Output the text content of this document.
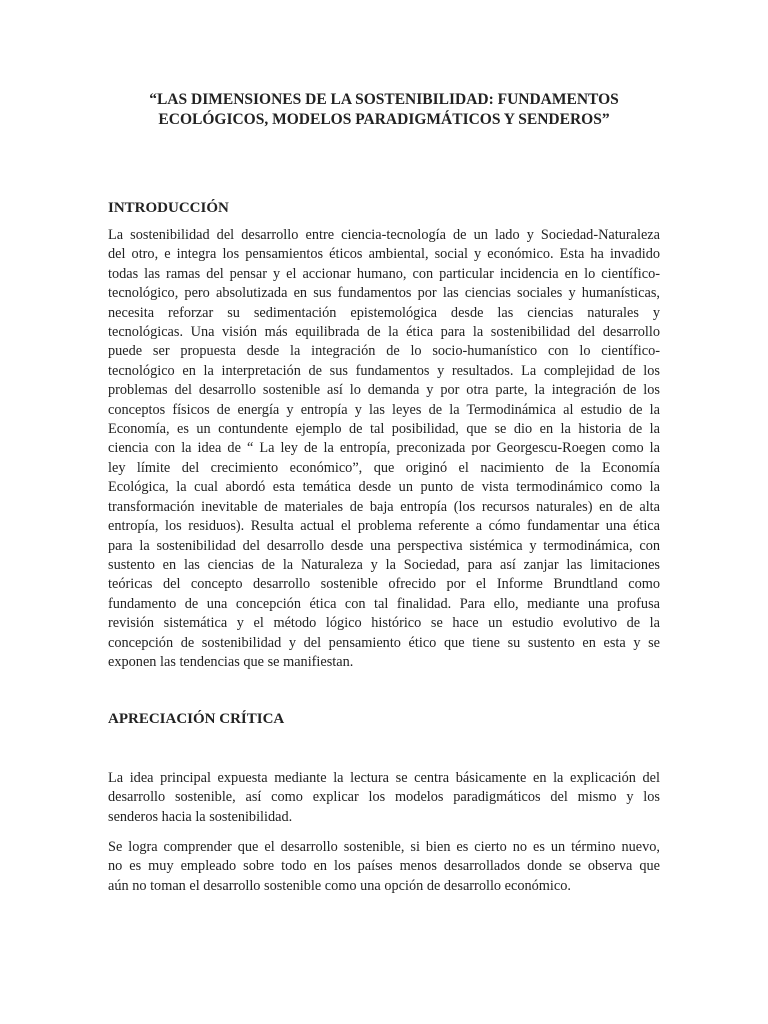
“LAS DIMENSIONES DE LA SOSTENIBILIDAD: FUNDAMENTOS
ECOLÓGICOS, MODELOS PARADIGMÁTICOS Y SENDEROS”
INTRODUCCIÓN

La sostenibilidad del desarrollo entre ciencia-tecnología de un lado y Sociedad-Naturaleza
del otro, e integra los pensamientos éticos ambiental, social y económico. Esta ha invadido
todas las ramas del pensar y el accionar humano, con particular incidencia en lo científico-
tecnológico, pero absolutizada en sus fundamentos por las ciencias sociales y humanísticas,
necesita reforzar su sedimentación epistemológica desde las ciencias naturales y
tecnológicas. Una visión más equilibrada de la ética para la sostenibilidad del desarrollo
puede ser propuesta desde la integración de lo socio-humanístico con lo científico-
tecnológico en la interpretación de sus fundamentos y resultados. La complejidad de los
problemas del desarrollo sostenible así lo demanda y por otra parte, la integración de los
conceptos físicos de energía y entropía y las leyes de la Termodinámica al estudio de la
Economía, es un contundente ejemplo de tal posibilidad, que se dio en la historia de la
ciencia con la idea de “ La ley de la entropía, preconizada por Georgescu-Roegen como la
ley límite del crecimiento económico”, que originó el nacimiento de la Economía
Ecológica, la cual abordó esta temática desde un punto de vista termodinámico como la
transformación inevitable de materiales de baja entropía (los recursos naturales) en de alta
entropía, los residuos). Resulta actual el problema referente a cómo fundamentar una ética
para la sostenibilidad del desarrollo desde una perspectiva sistémica y termodinámica, con
sustento en las ciencias de la Naturaleza y la Sociedad, para así zanjar las limitaciones
teóricas del concepto desarrollo sostenible ofrecido por el Informe Brundtland como
fundamento de una concepción ética con tal finalidad. Para ello, mediante una profusa
revisión sistemática y el método lógico histórico se hace un estudio evolutivo de la
concepción de sostenibilidad y del pensamiento ético que tiene su sustento en esta y se
exponen las tendencias que se manifiestan.

APRECIACIÓN CRÍTICA

La idea principal expuesta mediante la lectura se centra básicamente en la explicación del
desarrollo sostenible, así como explicar los modelos paradigmáticos del mismo y los
senderos hacia la sostenibilidad.

Se logra comprender que el desarrollo sostenible, si bien es cierto no es un término nuevo,
no es muy empleado sobre todo en los países menos desarrollados donde se observa que
aún no toman el desarrollo sostenible como una opción de desarrollo económico.
